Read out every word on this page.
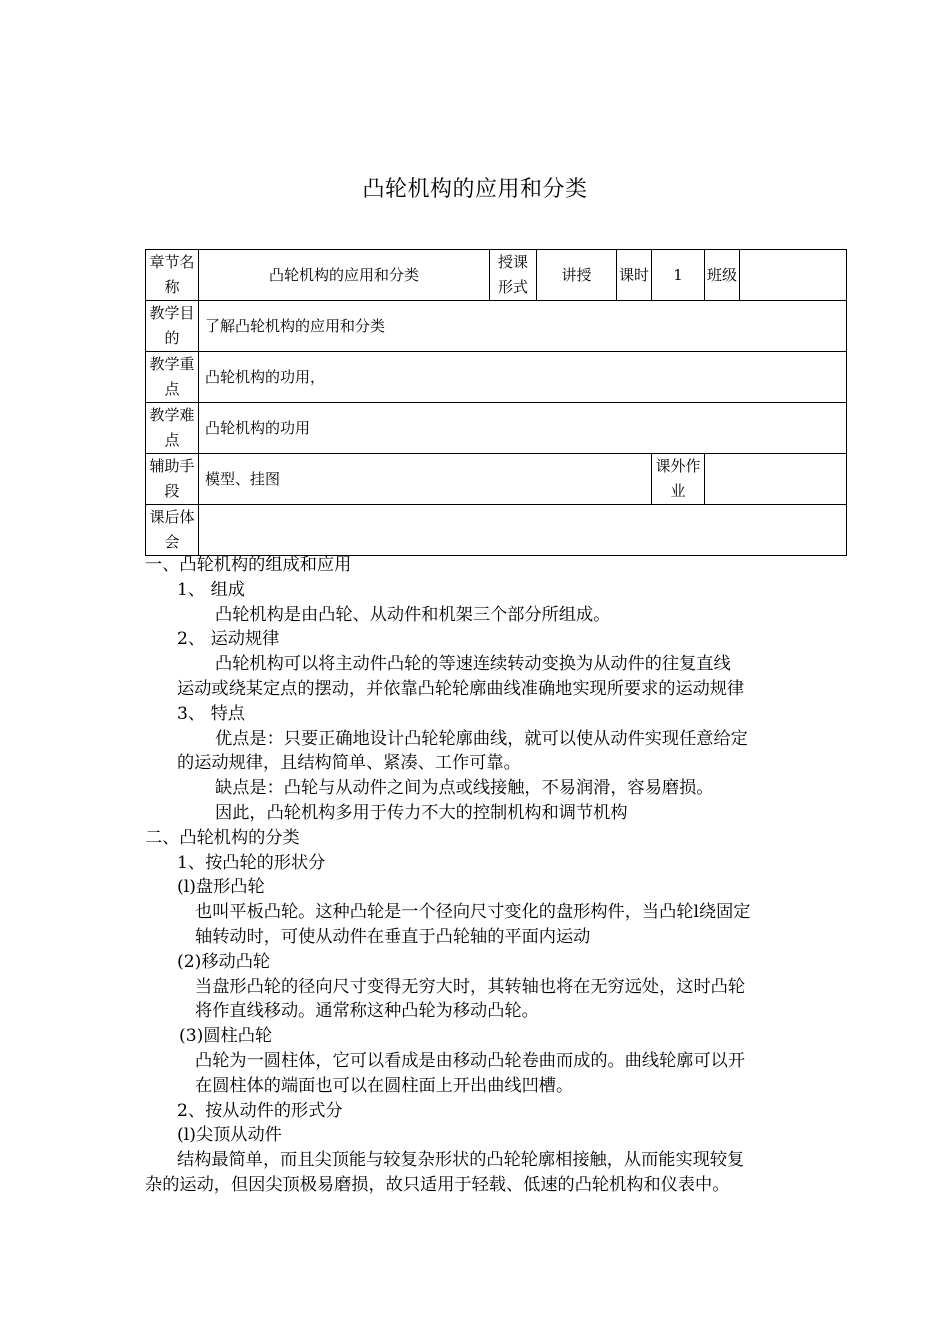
凸轮机构的应用和分类
章节名称	凸轮机构的应用和分类	授课形式	讲授	课时	1	班级	
教学目的	了解凸轮机构的应用和分类						
教学重点	凸轮机构的功用，						
教学难点	凸轮机构的功用						
辅助手段	模型、挂图				课外作业		
课后体会							

一、凸轮机构的组成和应用

1、 组成

凸轮机构是由凸轮、从动件和机架三个部分所组成。

2、 运动规律

凸轮机构可以将主动件凸轮的等速连续转动变换为从动件的往复直线

运动或绕某定点的摆动，并依靠凸轮轮廓曲线准确地实现所要求的运动规律

3、 特点

优点是：只要正确地设计凸轮轮廓曲线，就可以使从动件实现任意给定

的运动规律，且结构简单、紧凑、工作可靠。

缺点是：凸轮与从动件之间为点或线接触，不易润滑，容易磨损。

因此，凸轮机构多用于传力不大的控制机构和调节机构

二、凸轮机构的分类

1、按凸轮的形状分

(l)盘形凸轮

也叫平板凸轮。这种凸轮是一个径向尺寸变化的盘形构件，当凸轮l绕固定

轴转动时，可使从动件在垂直于凸轮轴的平面内运动

(2)移动凸轮

当盘形凸轮的径向尺寸变得无穷大时，其转轴也将在无穷远处，这时凸轮

将作直线移动。通常称这种凸轮为移动凸轮。

(3)圆柱凸轮

凸轮为一圆柱体，它可以看成是由移动凸轮卷曲而成的。曲线轮廓可以开

在圆柱体的端面也可以在圆柱面上开出曲线凹槽。

2、按从动件的形式分

(l)尖顶从动件

结构最简单，而且尖顶能与较复杂形状的凸轮轮廓相接触，从而能实现较复

杂的运动，但因尖顶极易磨损，故只适用于轻载、低速的凸轮机构和仪表中。
